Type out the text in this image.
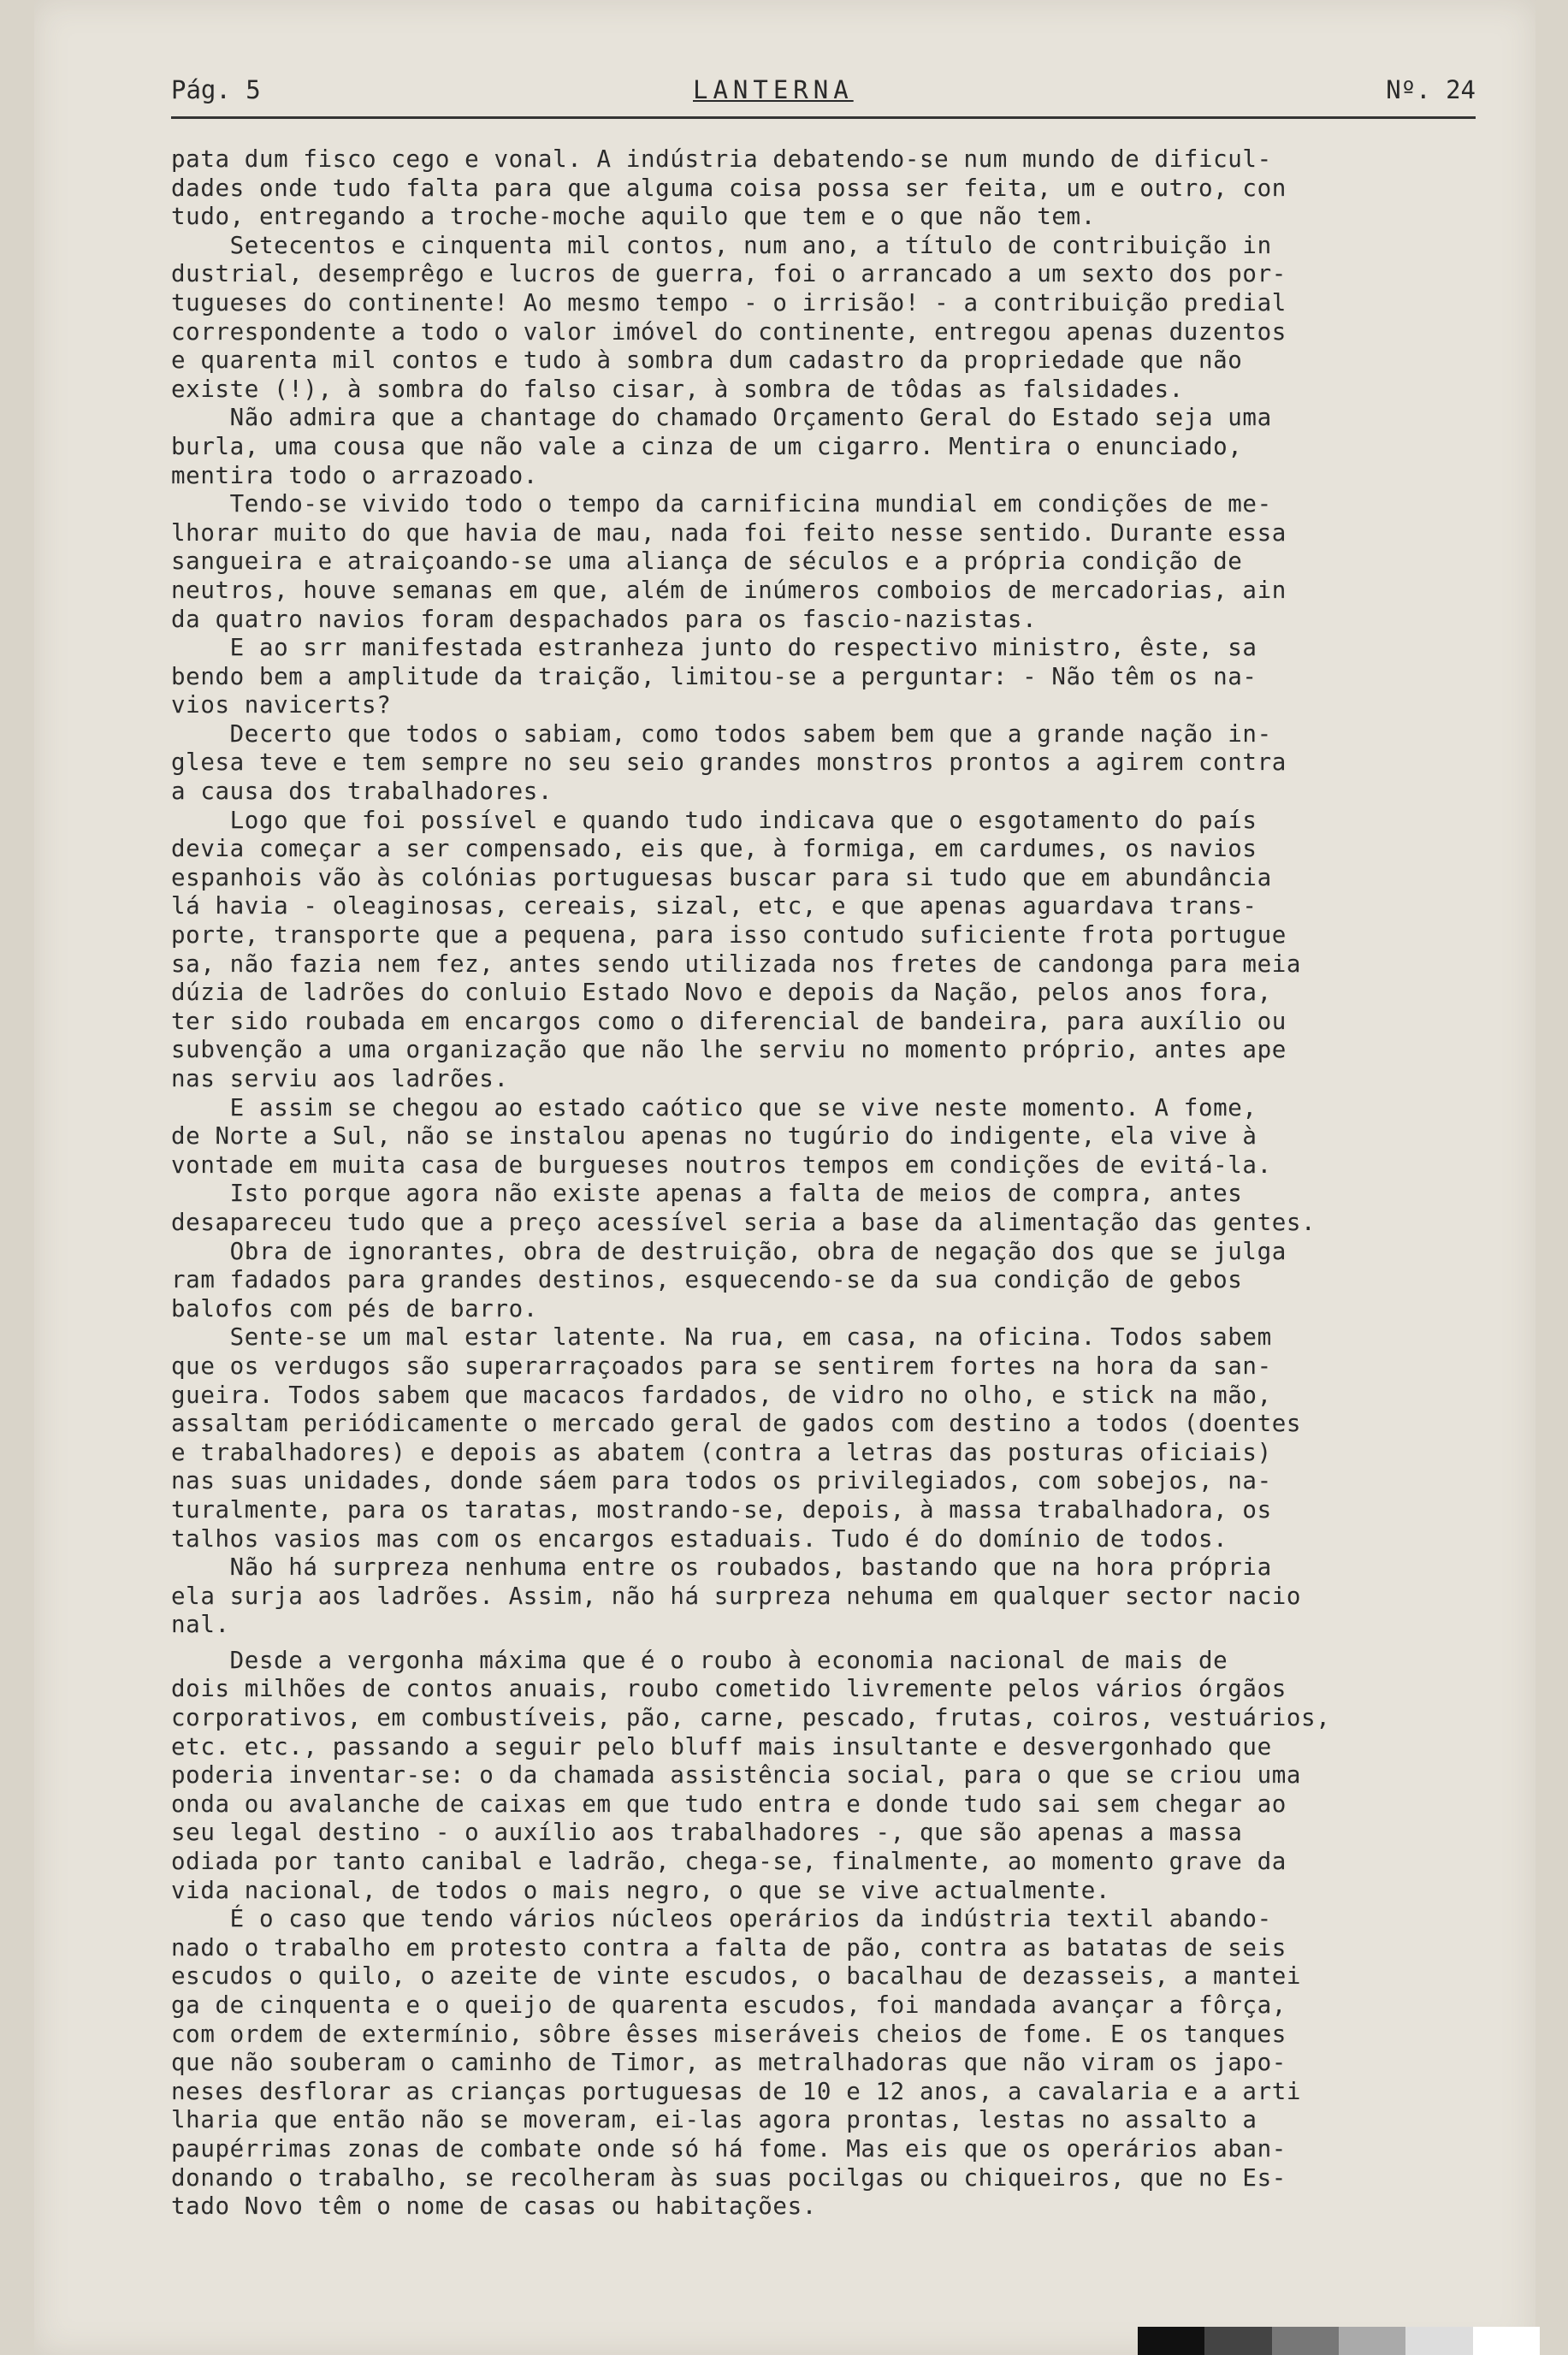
Pág. 5	LANTERNA	Nº. 24
pata dum fisco cego e vonal. A indústria debatendo-se num mundo de dificul-
dades onde tudo falta para que alguma coisa possa ser feita, um e outro, con
tudo, entregando a troche-moche aquilo que tem e o que não tem.
Setecentos e cinquenta mil contos, num ano, a título de contribuição in
dustrial, desemprêgo e lucros de guerra, foi o arrancado a um sexto dos por-
tugueses do continente! Ao mesmo tempo - o irrisão! - a contribuição predial
correspondente a todo o valor imóvel do continente, entregou apenas duzentos
e quarenta mil contos e tudo à sombra dum cadastro da propriedade que não
existe (!), à sombra do falso cisar, à sombra de tôdas as falsidades.
Não admira que a chantage do chamado Orçamento Geral do Estado seja uma
burla, uma cousa que não vale a cinza de um cigarro. Mentira o enunciado,
mentira todo o arrazoado.
Tendo-se vivido todo o tempo da carnificina mundial em condições de me-
lhorar muito do que havia de mau, nada foi feito nesse sentido. Durante essa
sangueira e atraiçoando-se uma aliança de séculos e a própria condição de
neutros, houve semanas em que, além de inúmeros comboios de mercadorias, ain
da quatro navios foram despachados para os fascio-nazistas.
E ao srr manifestada estranheza junto do respectivo ministro, êste, sa
bendo bem a amplitude da traição, limitou-se a perguntar: - Não têm os na-
vios navicerts?
Decerto que todos o sabiam, como todos sabem bem que a grande nação in-
glesa teve e tem sempre no seu seio grandes monstros prontos a agirem contra
a causa dos trabalhadores.
Logo que foi possível e quando tudo indicava que o esgotamento do país
devia começar a ser compensado, eis que, à formiga, em cardumes, os navios
espanhois vão às colónias portuguesas buscar para si tudo que em abundância
lá havia - oleaginosas, cereais, sizal, etc, e que apenas aguardava trans-
porte, transporte que a pequena, para isso contudo suficiente frota portugue
sa, não fazia nem fez, antes sendo utilizada nos fretes de candonga para meia
dúzia de ladrões do conluio Estado Novo e depois da Nação, pelos anos fora,
ter sido roubada em encargos como o diferencial de bandeira, para auxílio ou
subvenção a uma organização que não lhe serviu no momento próprio, antes ape
nas serviu aos ladrões.
E assim se chegou ao estado caótico que se vive neste momento. A fome,
de Norte a Sul, não se instalou apenas no tugúrio do indigente, ela vive à
vontade em muita casa de burgueses noutros tempos em condições de evitá-la.
Isto porque agora não existe apenas a falta de meios de compra, antes
desapareceu tudo que a preço acessível seria a base da alimentação das gentes.
Obra de ignorantes, obra de destruição, obra de negação dos que se julga
ram fadados para grandes destinos, esquecendo-se da sua condição de gebos
balofos com pés de barro.
Sente-se um mal estar latente. Na rua, em casa, na oficina. Todos sabem
que os verdugos são superarraçoados para se sentirem fortes na hora da san-
gueira. Todos sabem que macacos fardados, de vidro no olho, e stick na mão,
assaltam periódicamente o mercado geral de gados com destino a todos (doentes
e trabalhadores) e depois as abatem (contra a letras das posturas oficiais)
nas suas unidades, donde sáem para todos os privilegiados, com sobejos, na-
turalmente, para os taratas, mostrando-se, depois, à massa trabalhadora, os
talhos vasios mas com os encargos estaduais. Tudo é do domínio de todos.
Não há surpreza nenhuma entre os roubados, bastando que na hora própria
ela surja aos ladrões. Assim, não há surpreza nehuma em qualquer sector nacio
nal.
Desde a vergonha máxima que é o roubo à economia nacional de mais de
dois milhões de contos anuais, roubo cometido livremente pelos vários órgãos
corporativos, em combustíveis, pão, carne, pescado, frutas, coiros, vestuários,
etc. etc., passando a seguir pelo bluff mais insultante e desvergonhado que
poderia inventar-se: o da chamada assistência social, para o que se criou uma
onda ou avalanche de caixas em que tudo entra e donde tudo sai sem chegar ao
seu legal destino - o auxílio aos trabalhadores -, que são apenas a massa
odiada por tanto canibal e ladrão, chega-se, finalmente, ao momento grave da
vida nacional, de todos o mais negro, o que se vive actualmente.
É o caso que tendo vários núcleos operários da indústria textil abando-
nado o trabalho em protesto contra a falta de pão, contra as batatas de seis
escudos o quilo, o azeite de vinte escudos, o bacalhau de dezasseis, a mantei
ga de cinquenta e o queijo de quarenta escudos, foi mandada avançar a fôrça,
com ordem de extermínio, sôbre êsses miseráveis cheios de fome. E os tanques
que não souberam o caminho de Timor, as metralhadoras que não viram os japo-
neses desflorar as crianças portuguesas de 10 e 12 anos, a cavalaria e a arti
lharia que então não se moveram, ei-las agora prontas, lestas no assalto a
paupérrimas zonas de combate onde só há fome. Mas eis que os operários aban-
donando o trabalho, se recolheram às suas pocilgas ou chiqueiros, que no Es-
tado Novo têm o nome de casas ou habitações.
